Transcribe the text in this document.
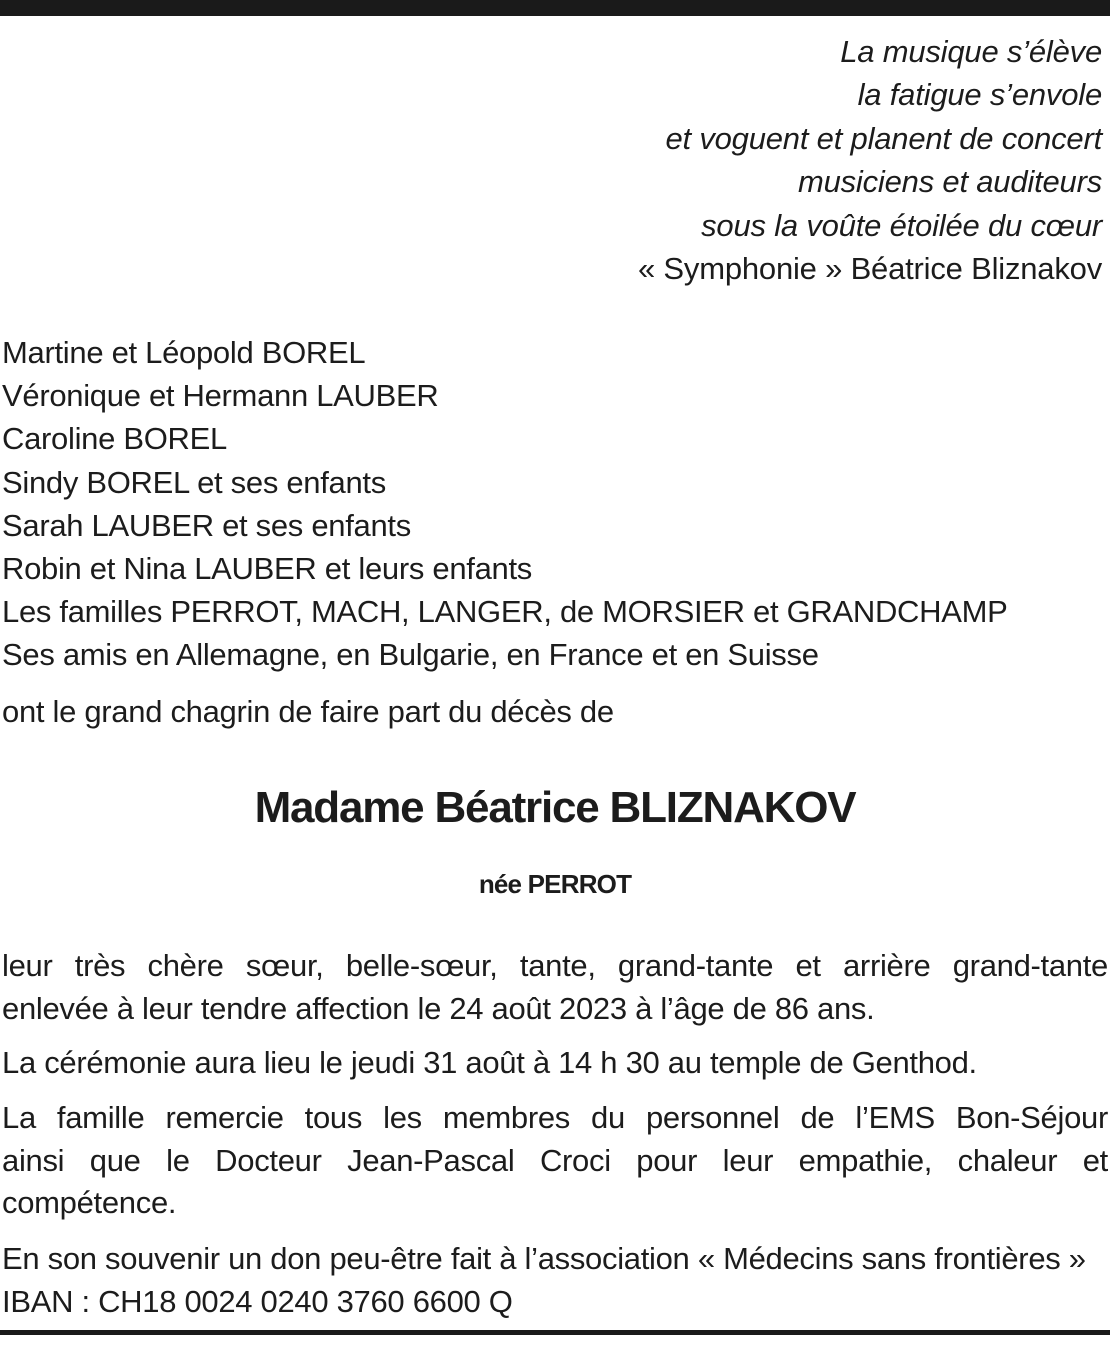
La musique s’élève
la fatigue s’envole
et voguent et planent de concert
musiciens et auditeurs
sous la voûte étoilée du cœur
« Symphonie » Béatrice Bliznakov
Martine et Léopold BOREL
Véronique et Hermann LAUBER
Caroline BOREL
Sindy BOREL et ses enfants
Sarah LAUBER et ses enfants
Robin et Nina LAUBER et leurs enfants
Les familles PERROT, MACH, LANGER, de MORSIER et GRANDCHAMP
Ses amis en Allemagne, en Bulgarie, en France et en Suisse
ont le grand chagrin de faire part du décès de
Madame Béatrice BLIZNAKOV
née PERROT
leur très chère sœur, belle-sœur, tante, grand-tante et arrière grand-tante
enlevée à leur tendre affection le 24 août 2023 à l’âge de 86 ans.
La cérémonie aura lieu le jeudi 31 août à 14 h 30 au temple de Genthod.
La famille remercie tous les membres du personnel de l’EMS Bon-Séjour
ainsi que le Docteur Jean-Pascal Croci pour leur empathie, chaleur et
compétence.
En son souvenir un don peu-être fait à l’association « Médecins sans frontières »
IBAN : CH18 0024 0240 3760 6600 Q
